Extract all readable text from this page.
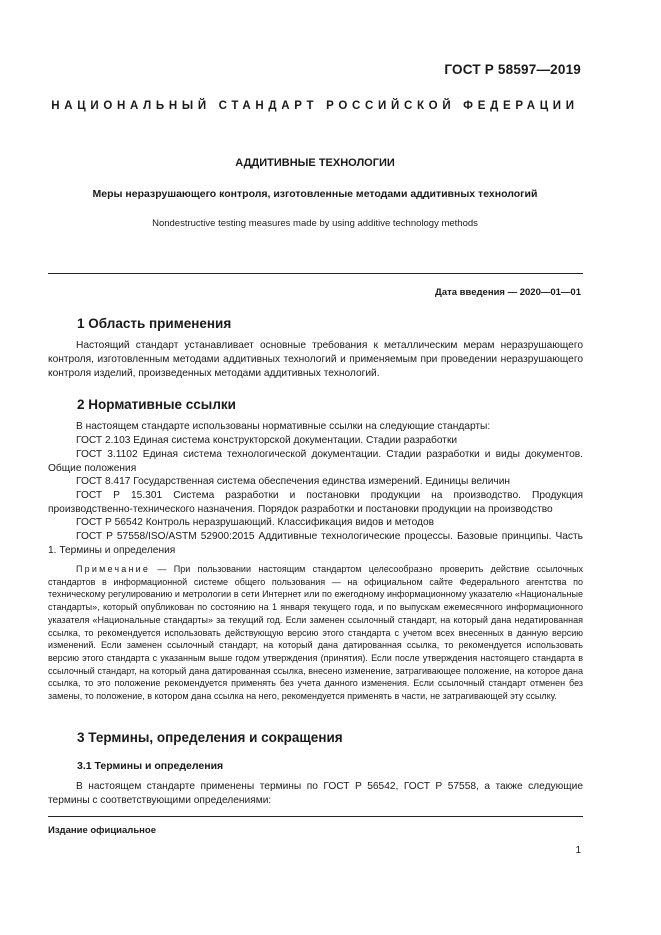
ГОСТ Р 58597—2019
НАЦИОНАЛЬНЫЙ СТАНДАРТ РОССИЙСКОЙ ФЕДЕРАЦИИ
АДДИТИВНЫЕ ТЕХНОЛОГИИ
Меры неразрушающего контроля, изготовленные методами аддитивных технологий
Nondestructive testing measures made by using additive technology methods
Дата введения — 2020—01—01
1 Область применения
Настоящий стандарт устанавливает основные требования к металлическим мерам неразрушающего контроля, изготовленным методами аддитивных технологий и применяемым при проведении неразрушающего контроля изделий, произведенных методами аддитивных технологий.
2 Нормативные ссылки
В настоящем стандарте использованы нормативные ссылки на следующие стандарты:
ГОСТ 2.103 Единая система конструкторской документации. Стадии разработки
ГОСТ 3.1102 Единая система технологической документации. Стадии разработки и виды документов. Общие положения
ГОСТ 8.417 Государственная система обеспечения единства измерений. Единицы величин
ГОСТ Р 15.301 Система разработки и постановки продукции на производство. Продукция производственно-технического назначения. Порядок разработки и постановки продукции на производство
ГОСТ Р 56542 Контроль неразрушающий. Классификация видов и методов
ГОСТ Р 57558/ISO/ASTM 52900:2015 Аддитивные технологические процессы. Базовые принципы. Часть 1. Термины и определения
Примечание — При пользовании настоящим стандартом целесообразно проверить действие ссылочных стандартов в информационной системе общего пользования — на официальном сайте Федерального агентства по техническому регулированию и метрологии в сети Интернет или по ежегодному информационному указателю «Национальные стандарты», который опубликован по состоянию на 1 января текущего года, и по выпускам ежемесячного информационного указателя «Национальные стандарты» за текущий год. Если заменен ссылочный стандарт, на который дана недатированная ссылка, то рекомендуется использовать действующую версию этого стандарта с учетом всех внесенных в данную версию изменений. Если заменен ссылочный стандарт, на который дана датированная ссылка, то рекомендуется использовать версию этого стандарта с указанным выше годом утверждения (принятия). Если после утверждения настоящего стандарта в ссылочный стандарт, на который дана датированная ссылка, внесено изменение, затрагивающее положение, на которое дана ссылка, то это положение рекомендуется применять без учета данного изменения. Если ссылочный стандарт отменен без замены, то положение, в котором дана ссылка на него, рекомендуется применять в части, не затрагивающей эту ссылку.
3 Термины, определения и сокращения
3.1 Термины и определения
В настоящем стандарте применены термины по ГОСТ Р 56542, ГОСТ Р 57558, а также следующие термины с соответствующими определениями:
Издание официальное
1
